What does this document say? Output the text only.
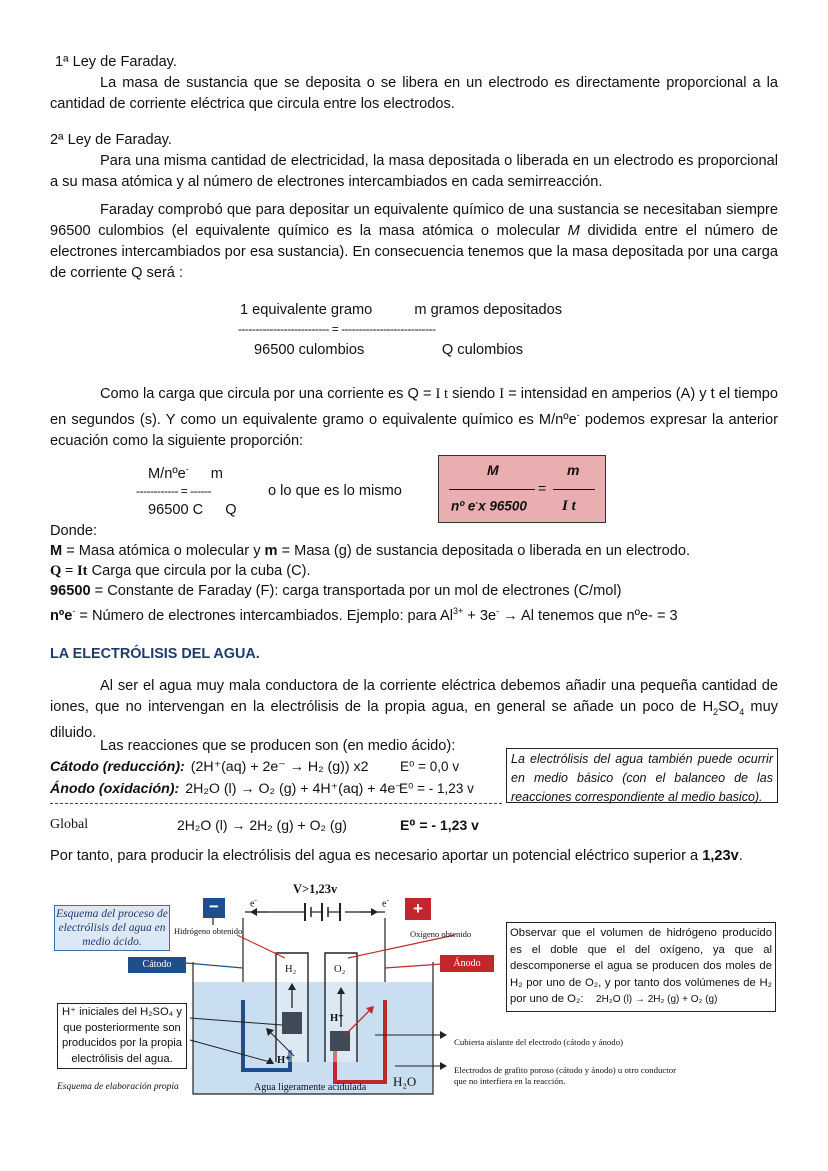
1ª Ley de Faraday.
La masa de sustancia que se deposita o se libera en un electrodo es directamente proporcional a la cantidad de corriente eléctrica que circula entre los electrodos.
2ª Ley de Faraday.
Para una misma cantidad de electricidad, la masa depositada o liberada en un electrodo es proporcional a su masa atómica y al número de electrones intercambiados en cada semirreacción.
Faraday comprobó que para depositar un equivalente químico de una sustancia se necesitaban siempre 96500 culombios (el equivalente químico es la masa atómica o molecular M dividida entre el número de electrones intercambiados por esa sustancia). En consecuencia tenemos que la masa depositada por una carga de corriente Q será :
1 equivalente gramo	m gramos depositados
-------------------------- = ---------------------------
96500 culombios	Q culombios
Como la carga que circula por una corriente es Q = I t siendo I = intensidad en amperios (A) y t el tiempo en segundos (s). Y como un equivalente gramo o equivalente químico es M/nºe- podemos expresar la anterior ecuación como la siguiente proporción:
M/nºe- m
------------ = ------
96500 C Q
o lo que es lo mismo
M	m
=
nº e-x 96500 I t
Donde:
M = Masa atómica o molecular y m = Masa (g) de sustancia depositada o liberada en un electrodo.
Q = It Carga que circula por la cuba (C).
96500 = Constante de Faraday (F): carga transportada por un mol de electrones (C/mol)
nºe- = Número de electrones intercambiados. Ejemplo: para $Al^{3+} + 3e^- \to Al$ tenemos que nºe- = 3
LA ELECTRÓLISIS DEL AGUA.
Al ser el agua muy mala conductora de la corriente eléctrica debemos añadir una pequeña cantidad de iones, que no intervengan en la electrólisis de la propia agua, en general se añade un poco de $H_2SO_4$ muy diluido.
Las reacciones que se producen son (en medio ácido):
Cátodo (reducción): (2H⁺(aq) + 2e⁻ → H₂ (g)) x2 E⁰ = 0,0 v
Ánodo (oxidación): 2H₂O (l) → O₂ (g) + 4H⁺(aq) + 4e⁻
E⁰ = - 1,23 v
Global	2H₂O (l) → 2H₂ (g) + O₂ (g)	E⁰ = - 1,23 v
La electrólisis del agua también puede ocurrir en medio básico (con el balanceo de las reacciones correspondiente al medio basico).
Por tanto, para producir la electrólisis del agua es necesario aportar un potencial eléctrico superior a 1,23v.
V>1,23v
−	+
e-	e-
Esquema del proceso de electrólisis del agua en medio ácido.
Hidrógeno obtenido	Oxígeno obtenido
Cátodo	Ánodo
H₂	O₂
H⁺
H⁺
H₂O
Agua ligeramente acidulada
H⁺ iniciales del H₂SO₄ y que posteriormente son producidos por la propia electrólisis del agua.
Esquema de elaboración propia
Observar que el volumen de hidrógeno producido es el doble que el del oxígeno, ya que al descomponerse el agua se producen dos moles de H₂ por uno de O₂, y por tanto dos volúmenes de H₂ por uno de O₂: 2H₂O (l) → 2H₂ (g) + O₂ (g)
Cubierta aislante del electrodo (cátodo y ánodo)
Electrodos de grafito poroso (cátodo y ánodo) u otro conductor que no interfiera en la reacción.
